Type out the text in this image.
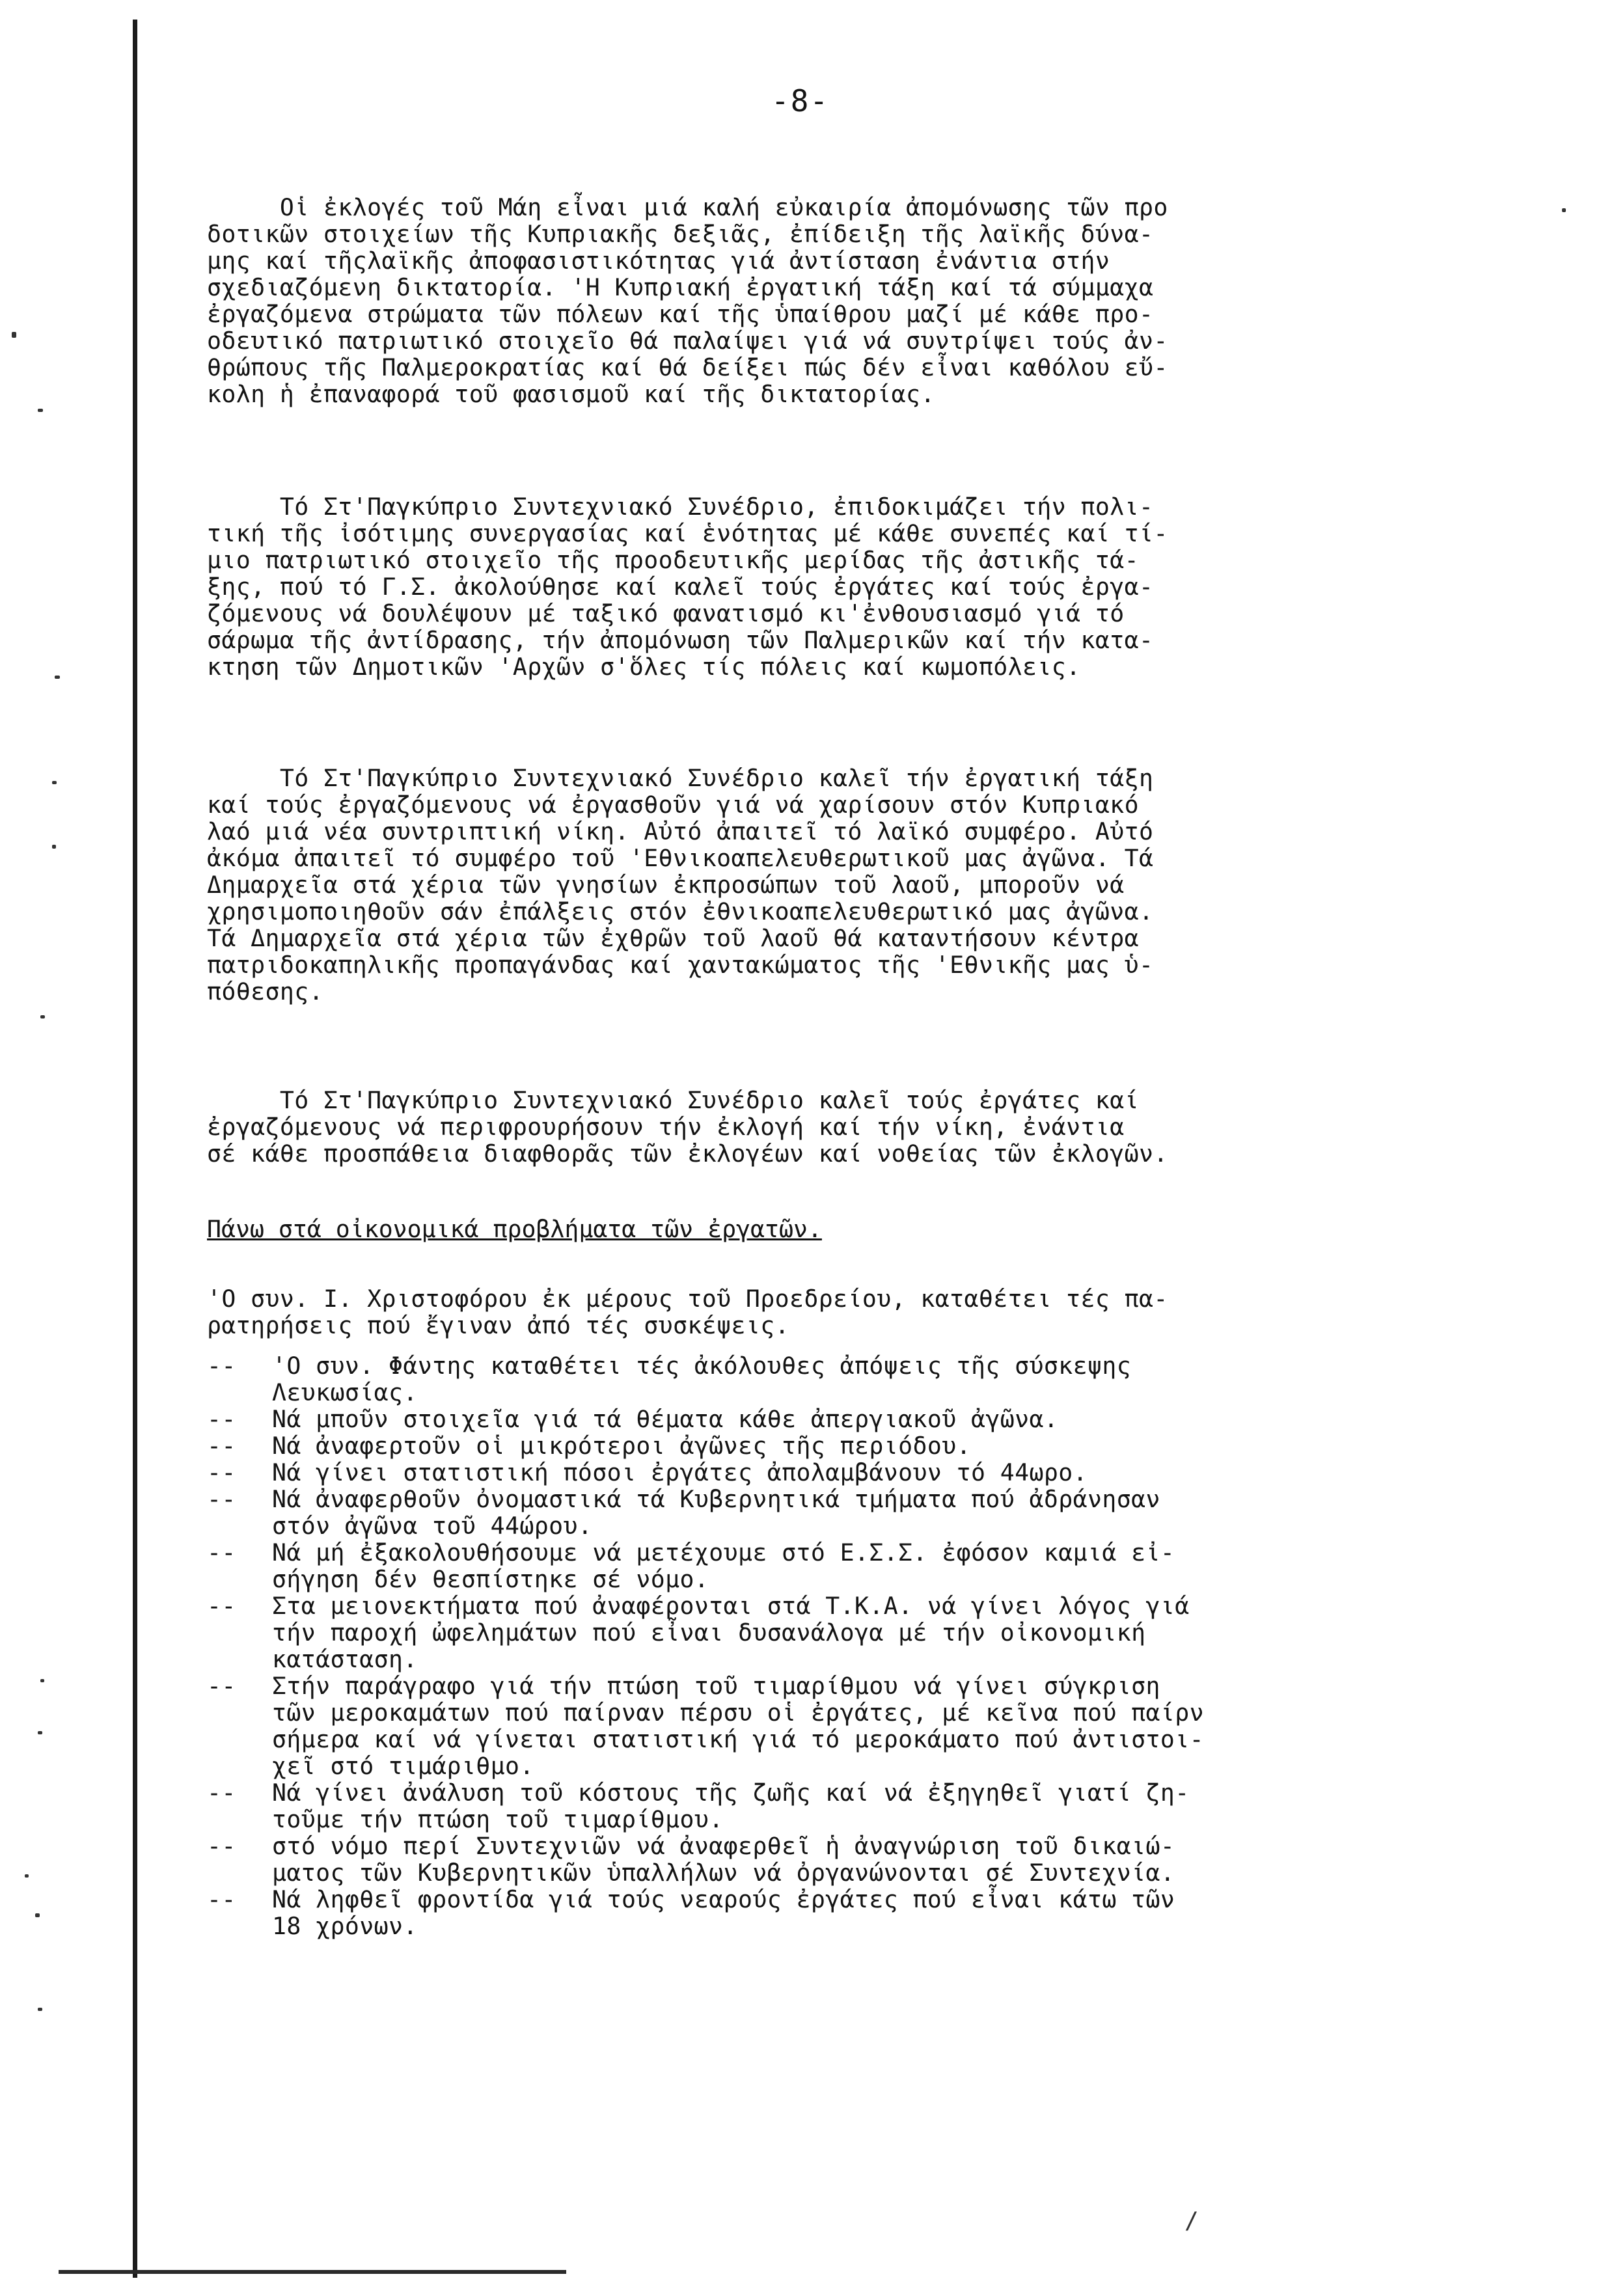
-8-
Οἱ ἐκλογές τοῦ Μάη εἶναι μιά καλή εὐκαιρία ἀπομόνωσης τῶν προ
δοτικῶν στοιχείων τῆς Κυπριακῆς δεξιᾶς, ἐπίδειξη τῆς λαϊκῆς δύνα-
μης καί τῆςλαϊκῆς ἀποφασιστικότητας γιά ἀντίσταση ἐνάντια στήν
σχεδιαζόμενη δικτατορία. 'Η Κυπριακή ἐργατική τάξη καί τά σύμμαχα
ἐργαζόμενα στρώματα τῶν πόλεων καί τῆς ὑπαίθρου μαζί μέ κάθε προ-
οδευτικό πατριωτικό στοιχεῖο θά παλαίψει γιά νά συντρίψει τούς ἀν-
θρώπους τῆς Παλμεροκρατίας καί θά δείξει πώς δέν εἶναι καθόλου εὔ-
κολη ἡ ἐπαναφορά τοῦ φασισμοῦ καί τῆς δικτατορίας.
Τό Στ'Παγκύπριο Συντεχνιακό Συνέδριο, ἐπιδοκιμάζει τήν πολι-
τική τῆς ἰσότιμης συνεργασίας καί ἑνότητας μέ κάθε συνεπές καί τί-
μιο πατριωτικό στοιχεῖο τῆς προοδευτικῆς μερίδας τῆς ἀστικῆς τά-
ξης, πού τό Γ.Σ. ἀκολούθησε καί καλεῖ τούς ἐργάτες καί τούς ἐργα-
ζόμενους νά δουλέψουν μέ ταξικό φανατισμό κι'ἐνθουσιασμό γιά τό
σάρωμα τῆς ἀντίδρασης, τήν ἀπομόνωση τῶν Παλμερικῶν καί τήν κατα-
κτηση τῶν Δημοτικῶν 'Αρχῶν σ'ὅλες τίς πόλεις καί κωμοπόλεις.
Τό Στ'Παγκύπριο Συντεχνιακό Συνέδριο καλεῖ τήν ἐργατική τάξη
καί τούς ἐργαζόμενους νά ἐργασθοῦν γιά νά χαρίσουν στόν Κυπριακό
λαό μιά νέα συντριπτική νίκη. Αὐτό ἀπαιτεῖ τό λαϊκό συμφέρο. Αὐτό
ἀκόμα ἀπαιτεῖ τό συμφέρο τοῦ 'Εθνικοαπελευθερωτικοῦ μας ἀγῶνα. Τά
Δημαρχεῖα στά χέρια τῶν γνησίων ἐκπροσώπων τοῦ λαοῦ, μποροῦν νά
χρησιμοποιηθοῦν σάν ἐπάλξεις στόν ἐθνικοαπελευθερωτικό μας ἀγῶνα.
Τά Δημαρχεῖα στά χέρια τῶν ἐχθρῶν τοῦ λαοῦ θά καταντήσουν κέντρα
πατριδοκαπηλικῆς προπαγάνδας καί χαντακώματος τῆς 'Εθνικῆς μας ὑ-
πόθεσης.
Τό Στ'Παγκύπριο Συντεχνιακό Συνέδριο καλεῖ τούς ἐργάτες καί
ἐργαζόμενους νά περιφρουρήσουν τήν ἐκλογή καί τήν νίκη, ἐνάντια
σέ κάθε προσπάθεια διαφθορᾶς τῶν ἐκλογέων καί νοθείας τῶν ἐκλογῶν.
Πάνω στά οἰκονομικά προβλήματα τῶν ἐργατῶν.
'Ο συν. Ι. Χριστοφόρου ἐκ μέρους τοῦ Προεδρείου, καταθέτει τές πα-
ρατηρήσεις πού ἔγιναν ἀπό τές συσκέψεις.
--	'Ο συν. Φάντης καταθέτει τές ἀκόλουθες ἀπόψεις τῆς σύσκεψης
Λευκωσίας.
--	Νά μποῦν στοιχεῖα γιά τά θέματα κάθε ἀπεργιακοῦ ἀγῶνα.
--	Νά ἀναφερτοῦν οἱ μικρότεροι ἀγῶνες τῆς περιόδου.
--	Νά γίνει στατιστική πόσοι ἐργάτες ἀπολαμβάνουν τό 44ωρο.
--	Νά ἀναφερθοῦν ὀνομαστικά τά Κυβερνητικά τμήματα πού ἀδράνησαν
στόν ἀγῶνα τοῦ 44ώρου.
--	Νά μή ἐξακολουθήσουμε νά μετέχουμε στό Ε.Σ.Σ. ἐφόσον καμιά εἰ-
σήγηση δέν θεσπίστηκε σέ νόμο.
--	Στα μειονεκτήματα πού ἀναφέρονται στά Τ.Κ.Α. νά γίνει λόγος γιά
τήν παροχή ὠφελημάτων πού εἶναι δυσανάλογα μέ τήν οἰκονομική
κατάσταση.
--	Στήν παράγραφο γιά τήν πτώση τοῦ τιμαρίθμου νά γίνει σύγκριση
τῶν μεροκαμάτων πού παίρναν πέρσυ οἱ ἐργάτες, μέ κεῖνα πού παίρν
σήμερα καί νά γίνεται στατιστική γιά τό μεροκάματο πού ἀντιστοι-
χεῖ στό τιμάριθμο.
--	Νά γίνει ἀνάλυση τοῦ κόστους τῆς ζωῆς καί νά ἐξηγηθεῖ γιατί ζη-
τοῦμε τήν πτώση τοῦ τιμαρίθμου.
--	στό νόμο περί Συντεχνιῶν νά ἀναφερθεῖ ἡ ἀναγνώριση τοῦ δικαιώ-
ματος τῶν Κυβερνητικῶν ὑπαλλήλων νά ὀργανώνονται σέ Συντεχνία.
--	Νά ληφθεῖ φροντίδα γιά τούς νεαρούς ἐργάτες πού εἶναι κάτω τῶν
18 χρόνων.
/
